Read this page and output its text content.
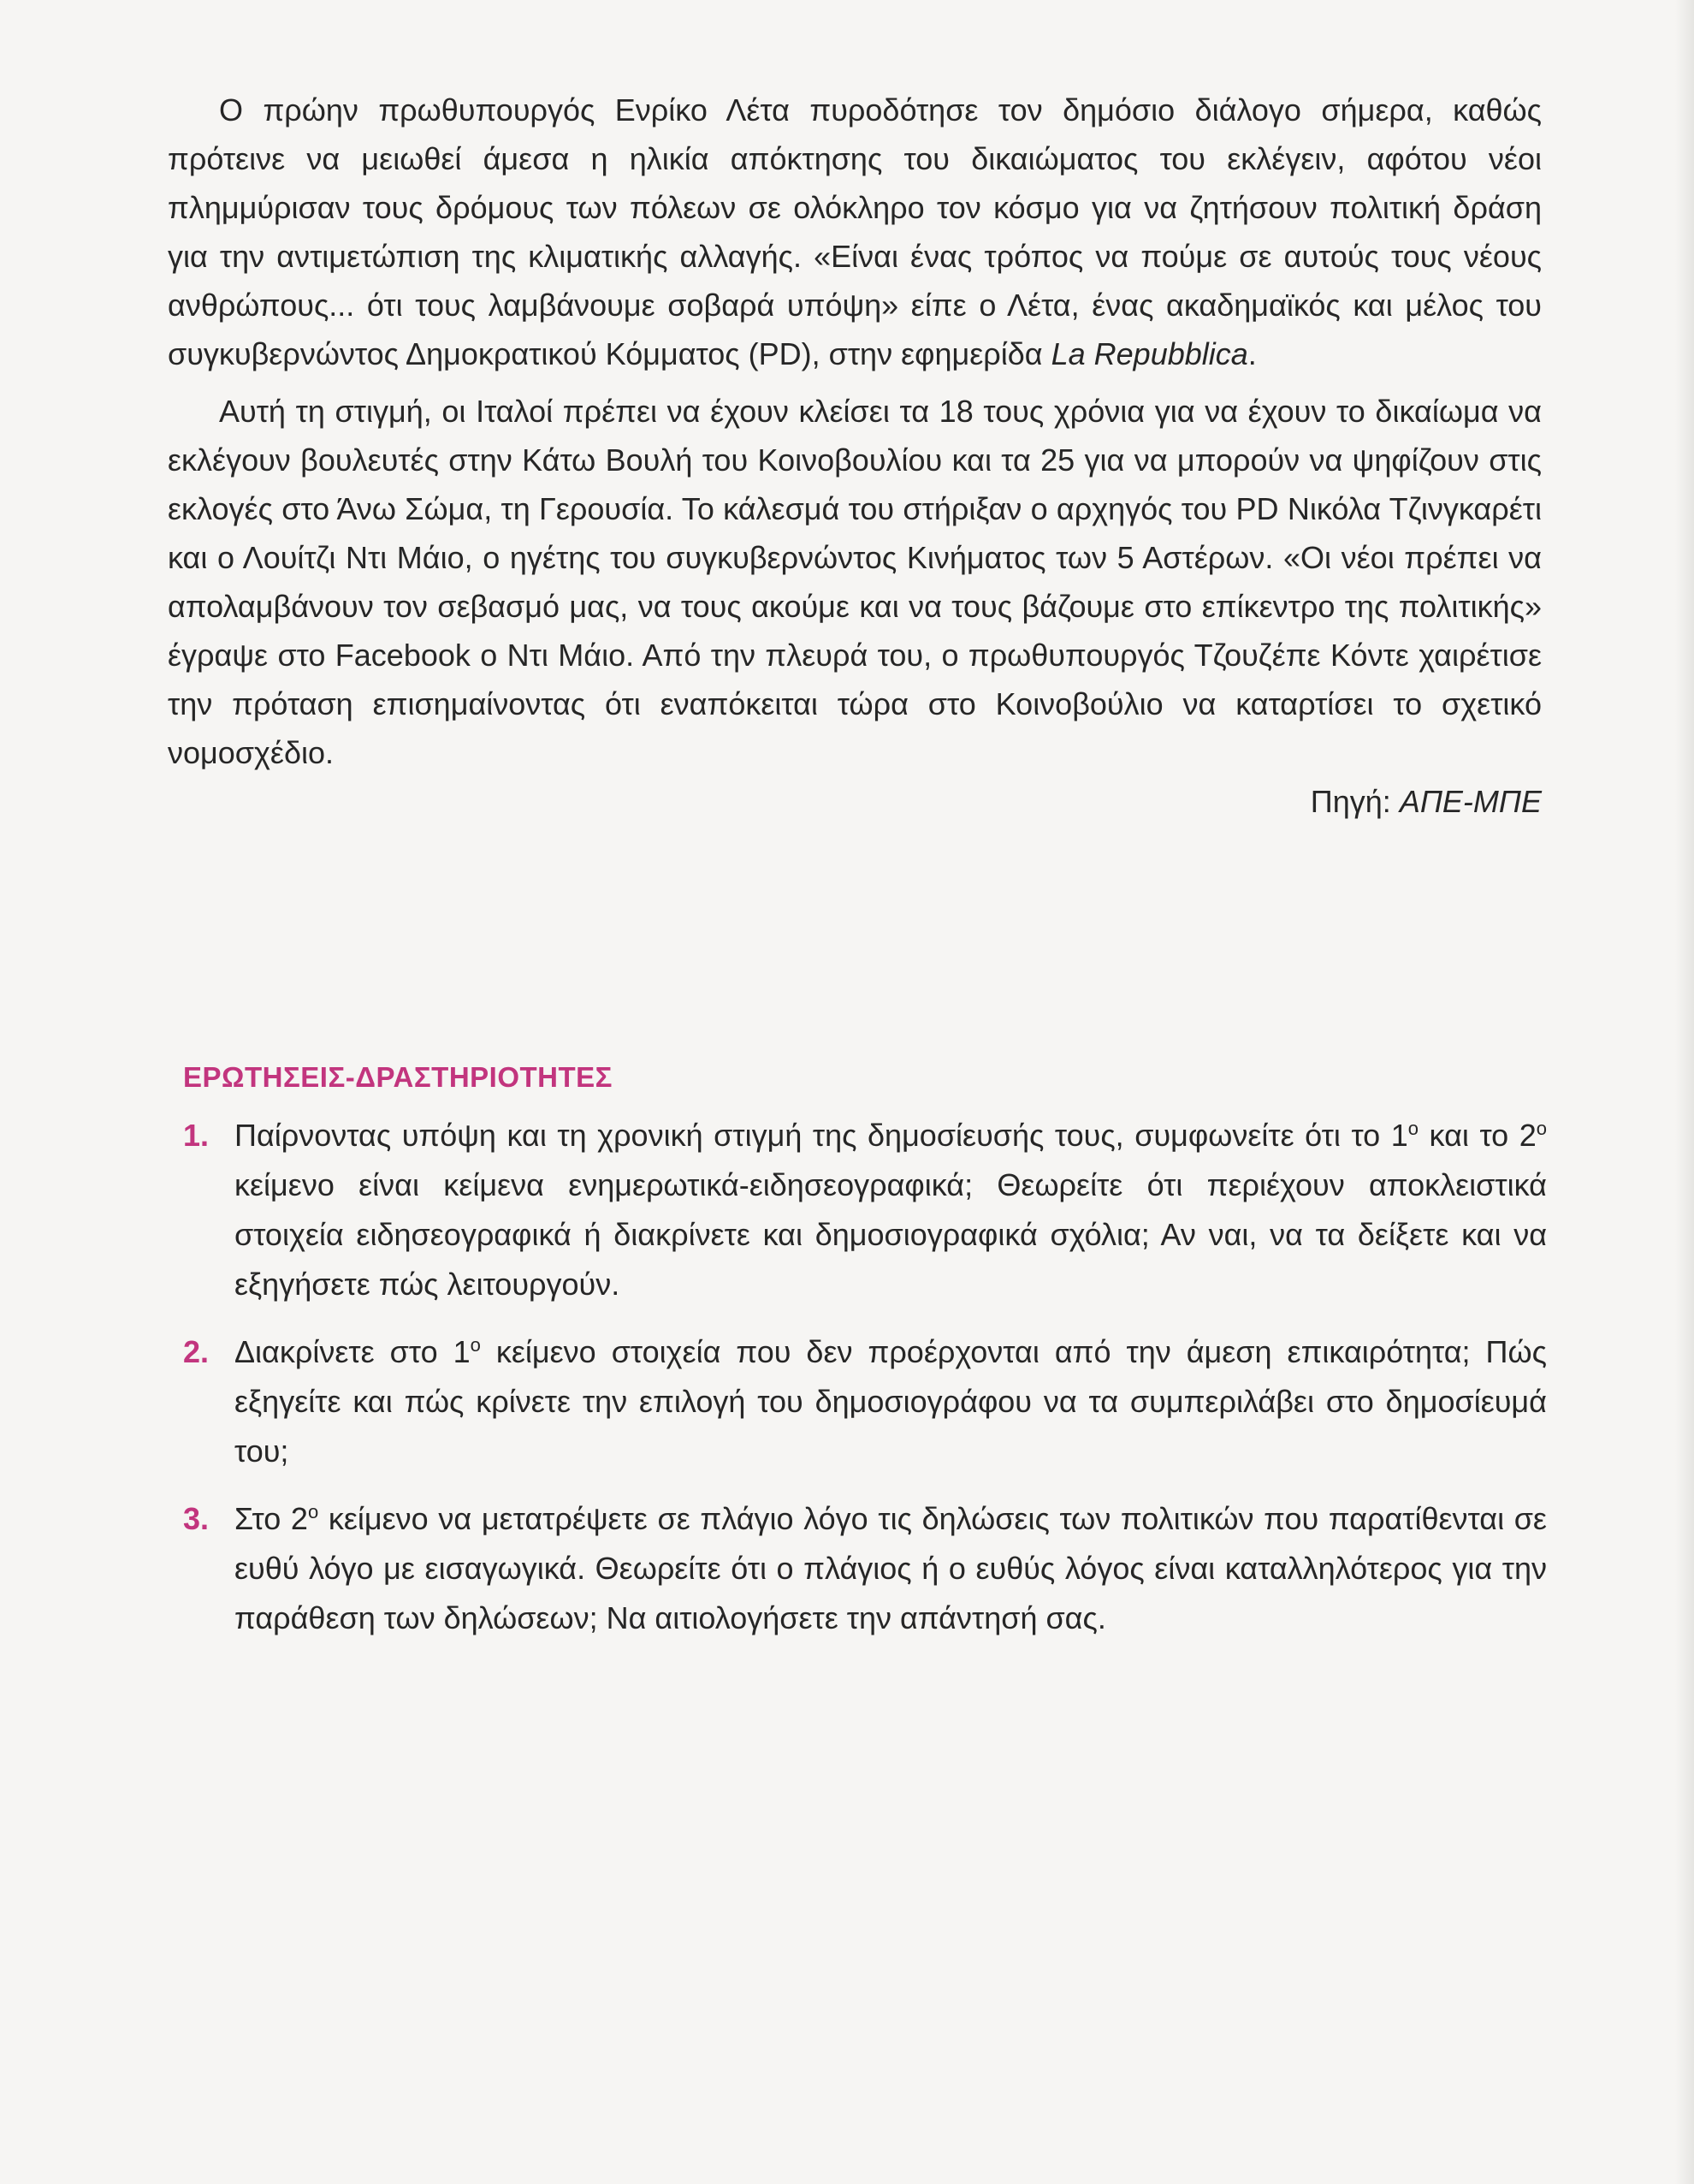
Ο πρώην πρωθυπουργός Ενρίκο Λέτα πυροδότησε τον δημόσιο διάλογο σήμερα, καθώς πρότεινε να μειωθεί άμεσα η ηλικία απόκτησης του δικαιώματος του εκλέγειν, αφότου νέοι πλημμύρισαν τους δρόμους των πόλεων σε ολόκληρο τον κόσμο για να ζητήσουν πολιτική δράση για την αντιμετώπιση της κλιματικής αλλαγής. «Είναι ένας τρόπος να πούμε σε αυτούς τους νέους ανθρώπους... ότι τους λαμβάνουμε σοβαρά υπόψη» είπε ο Λέτα, ένας ακαδημαϊκός και μέλος του συγκυβερνώντος Δημοκρατικού Κόμματος (PD), στην εφημερίδα La Repubblica.

Αυτή τη στιγμή, οι Ιταλοί πρέπει να έχουν κλείσει τα 18 τους χρόνια για να έχουν το δικαίωμα να εκλέγουν βουλευτές στην Κάτω Βουλή του Κοινοβουλίου και τα 25 για να μπορούν να ψηφίζουν στις εκλογές στο Άνω Σώμα, τη Γερουσία. Το κάλεσμά του στήριξαν ο αρχηγός του PD Νικόλα Τζινγκαρέτι και ο Λουίτζι Ντι Μάιο, ο ηγέτης του συγκυβερνώντος Κινήματος των 5 Αστέρων. «Οι νέοι πρέπει να απολαμβάνουν τον σεβασμό μας, να τους ακούμε και να τους βάζουμε στο επίκεντρο της πολιτικής» έγραψε στο Facebook ο Ντι Μάιο. Από την πλευρά του, ο πρωθυπουργός Τζουζέπε Κόντε χαιρέτισε την πρόταση επισημαίνοντας ότι εναπόκειται τώρα στο Κοινοβούλιο να καταρτίσει το σχετικό νομοσχέδιο.

Πηγή: ΑΠΕ-ΜΠΕ

ΕΡΩΤΗΣΕΙΣ-ΔΡΑΣΤΗΡΙΟΤΗΤΕΣ
1. Παίρνοντας υπόψη και τη χρονική στιγμή της δημοσίευσής τους, συμφωνείτε ότι το $1^o$ και το $2^o$ κείμενο είναι κείμενα ενημερωτικά-ειδησεογραφικά; Θεωρείτε ότι περιέχουν αποκλειστικά στοιχεία ειδησεογραφικά ή διακρίνετε και δημοσιογραφικά σχόλια; Αν ναι, να τα δείξετε και να εξηγήσετε πώς λειτουργούν.
2. Διακρίνετε στο $1^o$ κείμενο στοιχεία που δεν προέρχονται από την άμεση επικαιρότητα; Πώς εξηγείτε και πώς κρίνετε την επιλογή του δημοσιογράφου να τα συμπεριλάβει στο δημοσίευμά του;
3. Στο $2^o$ κείμενο να μετατρέψετε σε πλάγιο λόγο τις δηλώσεις των πολιτικών που παρατίθενται σε ευθύ λόγο με εισαγωγικά. Θεωρείτε ότι ο πλάγιος ή ο ευθύς λόγος είναι καταλληλότερος για την παράθεση των δηλώσεων; Να αιτιολογήσετε την απάντησή σας.
